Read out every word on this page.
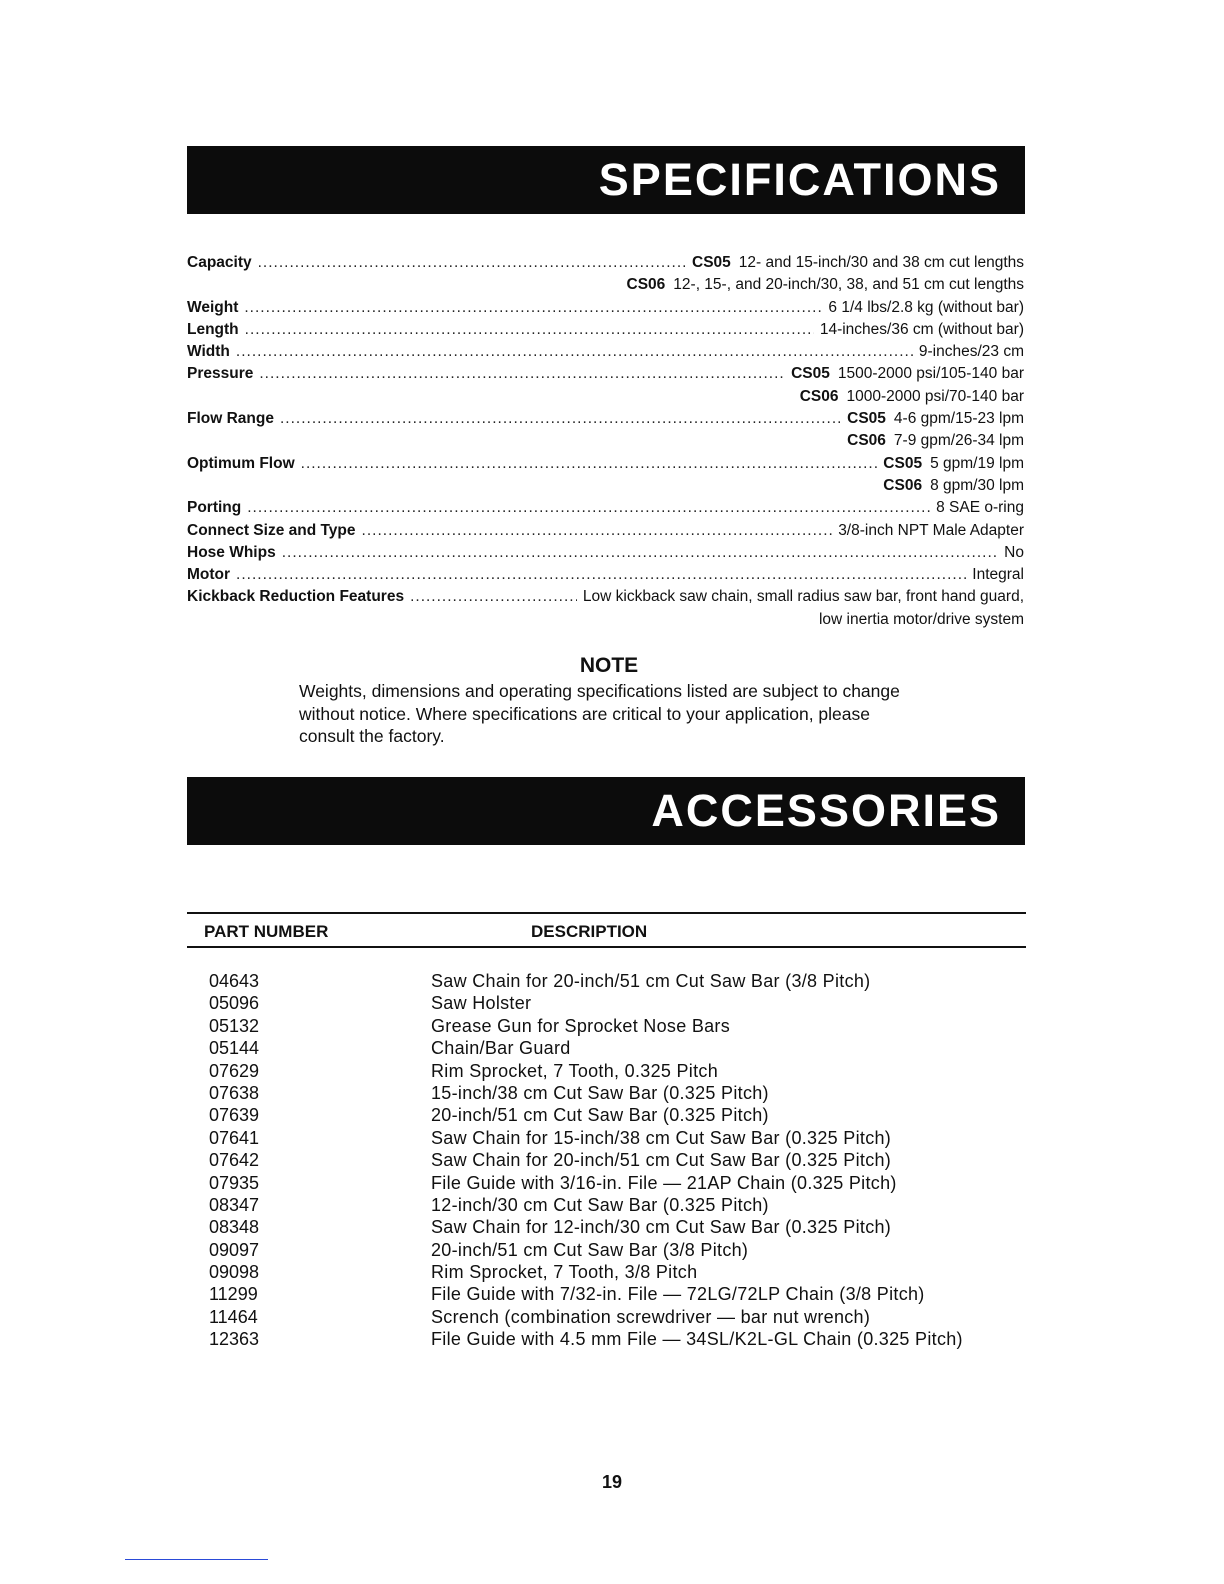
SPECIFICATIONS
Capacity .....	CS05 12- and 15-inch/30 and 38 cm cut lengths
CS06 12-, 15-, and 20-inch/30, 38, and 51 cm cut lengths
Weight .....	6 1/4 lbs/2.8 kg (without bar)
Length .....	14-inches/36 cm (without bar)
Width .....	9-inches/23 cm
Pressure .....	CS05 1500-2000 psi/105-140 bar
CS06 1000-2000 psi/70-140 bar
Flow Range .....	CS05 4-6 gpm/15-23 lpm
CS06 7-9 gpm/26-34 lpm
Optimum Flow .....	CS05 5 gpm/19 lpm
CS06 8 gpm/30 lpm
Porting .....	8 SAE o-ring
Connect Size and Type .....	3/8-inch NPT Male Adapter
Hose Whips .....	No
Motor .....	Integral
Kickback Reduction Features .....	Low kickback saw chain, small radius saw bar, front hand guard,
low inertia motor/drive system
NOTE
Weights, dimensions and operating specifications listed are subject to change without notice. Where specifications are critical to your application, please consult the factory.
ACCESSORIES
PART NUMBER	DESCRIPTION
04643	Saw Chain for 20-inch/51 cm Cut Saw Bar (3/8 Pitch)
05096	Saw Holster
05132	Grease Gun for Sprocket Nose Bars
05144	Chain/Bar Guard
07629	Rim Sprocket, 7 Tooth, 0.325 Pitch
07638	15-inch/38 cm Cut Saw Bar (0.325 Pitch)
07639	20-inch/51 cm Cut Saw Bar (0.325 Pitch)
07641	Saw Chain for 15-inch/38 cm Cut Saw Bar (0.325 Pitch)
07642	Saw Chain for 20-inch/51 cm Cut Saw Bar (0.325 Pitch)
07935	File Guide with 3/16-in. File — 21AP Chain (0.325 Pitch)
08347	12-inch/30 cm Cut Saw Bar (0.325 Pitch)
08348	Saw Chain for 12-inch/30 cm Cut Saw Bar (0.325 Pitch)
09097	20-inch/51 cm Cut Saw Bar (3/8 Pitch)
09098	Rim Sprocket, 7 Tooth, 3/8 Pitch
11299	File Guide with 7/32-in. File — 72LG/72LP Chain (3/8 Pitch)
11464	Scrench (combination screwdriver — bar nut wrench)
12363	File Guide with 4.5 mm File — 34SL/K2L-GL Chain (0.325 Pitch)
19
